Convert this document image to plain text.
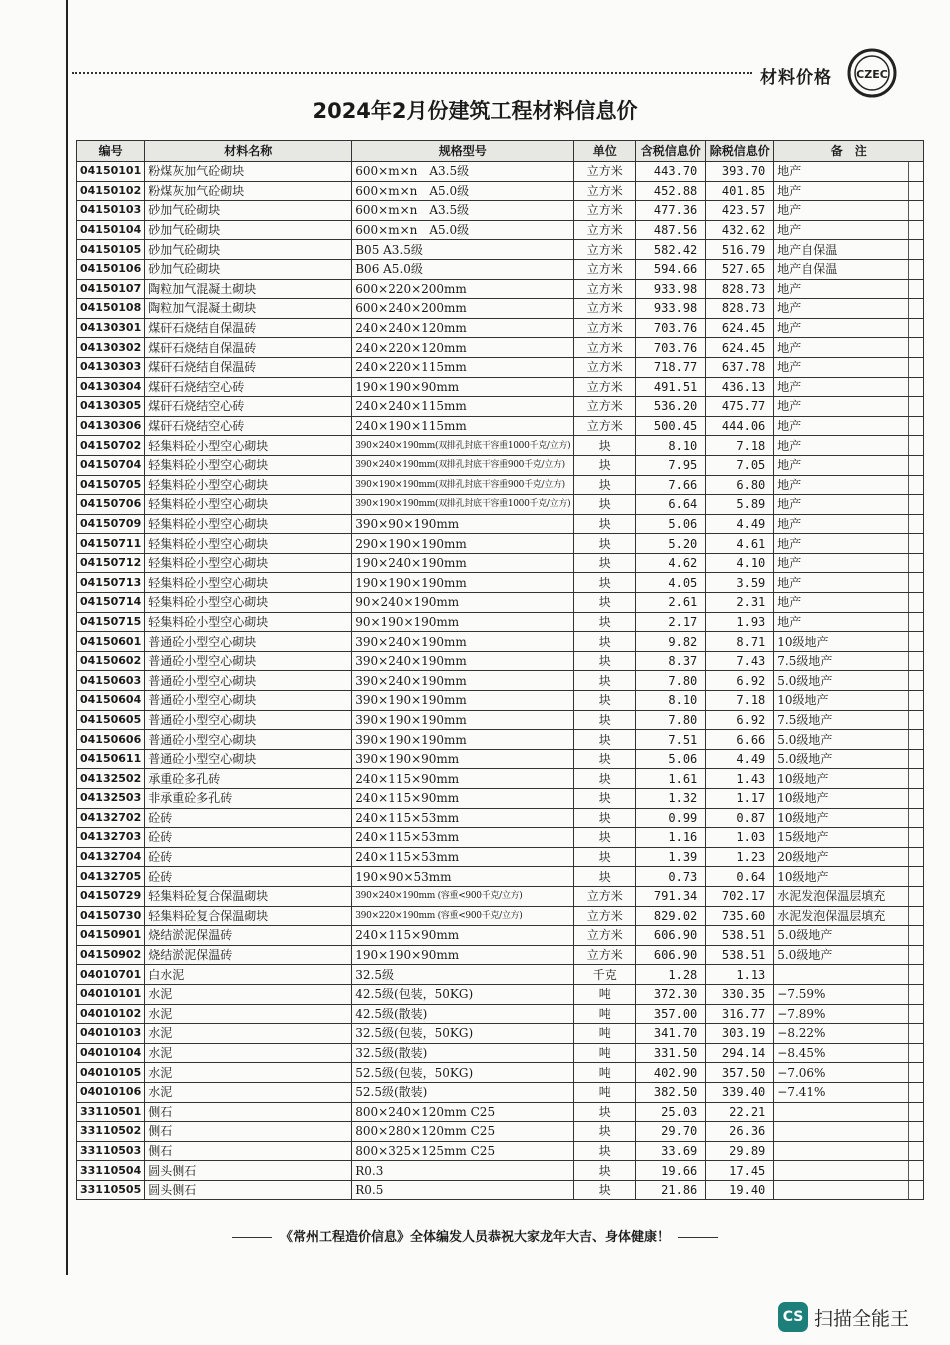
材料价格 CZEC
2024年2月份建筑工程材料信息价
编号	材料名称	规格型号	单位	含税信息价	除税信息价	备　注
04150101	粉煤灰加气砼砌块	600×m×n　A3.5级	立方米	443.70	393.70	地产
04150102	粉煤灰加气砼砌块	600×m×n　A5.0级	立方米	452.88	401.85	地产
04150103	砂加气砼砌块	600×m×n　A3.5级	立方米	477.36	423.57	地产
04150104	砂加气砼砌块	600×m×n　A5.0级	立方米	487.56	432.62	地产
04150105	砂加气砼砌块	B05 A3.5级	立方米	582.42	516.79	地产自保温
04150106	砂加气砼砌块	B06 A5.0级	立方米	594.66	527.65	地产自保温
04150107	陶粒加气混凝土砌块	600×220×200mm	立方米	933.98	828.73	地产
04150108	陶粒加气混凝土砌块	600×240×200mm	立方米	933.98	828.73	地产
04130301	煤矸石烧结自保温砖	240×240×120mm	立方米	703.76	624.45	地产
04130302	煤矸石烧结自保温砖	240×220×120mm	立方米	703.76	624.45	地产
04130303	煤矸石烧结自保温砖	240×220×115mm	立方米	718.77	637.78	地产
04130304	煤矸石烧结空心砖	190×190×90mm	立方米	491.51	436.13	地产
04130305	煤矸石烧结空心砖	240×240×115mm	立方米	536.20	475.77	地产
04130306	煤矸石烧结空心砖	240×190×115mm	立方米	500.45	444.06	地产
04150702	轻集料砼小型空心砌块	390×240×190mm(双排孔封底干容重1000千克/立方)	块	8.10	7.18	地产
04150704	轻集料砼小型空心砌块	390×240×190mm(双排孔封底干容重900千克/立方)	块	7.95	7.05	地产
04150705	轻集料砼小型空心砌块	390×190×190mm(双排孔封底干容重900千克/立方)	块	7.66	6.80	地产
04150706	轻集料砼小型空心砌块	390×190×190mm(双排孔封底干容重1000千克/立方)	块	6.64	5.89	地产
04150709	轻集料砼小型空心砌块	390×90×190mm	块	5.06	4.49	地产
04150711	轻集料砼小型空心砌块	290×190×190mm	块	5.20	4.61	地产
04150712	轻集料砼小型空心砌块	190×240×190mm	块	4.62	4.10	地产
04150713	轻集料砼小型空心砌块	190×190×190mm	块	4.05	3.59	地产
04150714	轻集料砼小型空心砌块	90×240×190mm	块	2.61	2.31	地产
04150715	轻集料砼小型空心砌块	90×190×190mm	块	2.17	1.93	地产
04150601	普通砼小型空心砌块	390×240×190mm	块	9.82	8.71	10级地产
04150602	普通砼小型空心砌块	390×240×190mm	块	8.37	7.43	7.5级地产
04150603	普通砼小型空心砌块	390×240×190mm	块	7.80	6.92	5.0级地产
04150604	普通砼小型空心砌块	390×190×190mm	块	8.10	7.18	10级地产
04150605	普通砼小型空心砌块	390×190×190mm	块	7.80	6.92	7.5级地产
04150606	普通砼小型空心砌块	390×190×190mm	块	7.51	6.66	5.0级地产
04150611	普通砼小型空心砌块	390×190×90mm	块	5.06	4.49	5.0级地产
04132502	承重砼多孔砖	240×115×90mm	块	1.61	1.43	10级地产
04132503	非承重砼多孔砖	240×115×90mm	块	1.32	1.17	10级地产
04132702	砼砖	240×115×53mm	块	0.99	0.87	10级地产
04132703	砼砖	240×115×53mm	块	1.16	1.03	15级地产
04132704	砼砖	240×115×53mm	块	1.39	1.23	20级地产
04132705	砼砖	190×90×53mm	块	0.73	0.64	10级地产
04150729	轻集料砼复合保温砌块	390×240×190mm (容重<900千克/立方)	立方米	791.34	702.17	水泥发泡保温层填充
04150730	轻集料砼复合保温砌块	390×220×190mm (容重<900千克/立方)	立方米	829.02	735.60	水泥发泡保温层填充
04150901	烧结淤泥保温砖	240×115×90mm	立方米	606.90	538.51	5.0级地产
04150902	烧结淤泥保温砖	190×190×90mm	立方米	606.90	538.51	5.0级地产
04010701	白水泥	32.5级	千克	1.28	1.13	
04010101	水泥	42.5级(包装，50KG)	吨	372.30	330.35	−7.59%
04010102	水泥	42.5级(散装)	吨	357.00	316.77	−7.89%
04010103	水泥	32.5级(包装，50KG)	吨	341.70	303.19	−8.22%
04010104	水泥	32.5级(散装)	吨	331.50	294.14	−8.45%
04010105	水泥	52.5级(包装，50KG)	吨	402.90	357.50	−7.06%
04010106	水泥	52.5级(散装)	吨	382.50	339.40	−7.41%
33110501	侧石	800×240×120mm C25	块	25.03	22.21	
33110502	侧石	800×280×120mm C25	块	29.70	26.36	
33110503	侧石	800×325×125mm C25	块	33.69	29.89	
33110504	圆头侧石	R0.3	块	19.66	17.45	
33110505	圆头侧石	R0.5	块	21.86	19.40	
《常州工程造价信息》全体编发人员恭祝大家龙年大吉、身体健康！
CS 扫描全能王
